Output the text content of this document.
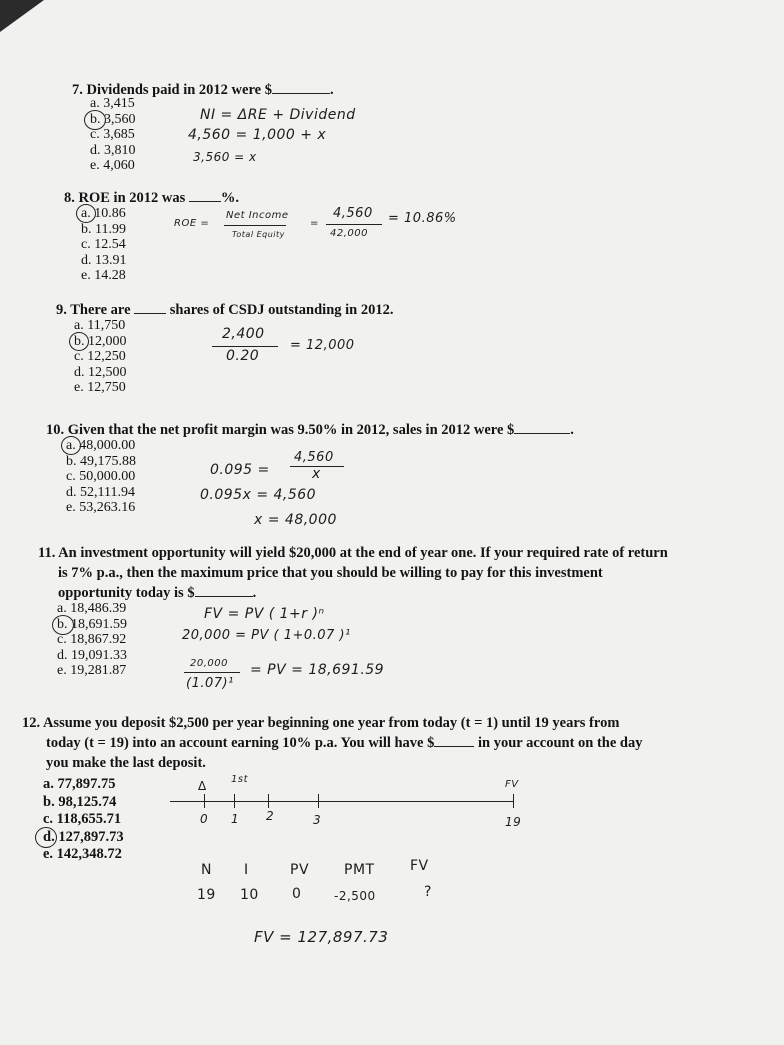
7. Dividends paid in 2012 were $	.
a. 3,415
b. 3,560
c. 3,685
d. 3,810
e. 4,060
NI = ΔRE + Dividend
4,560 = 1,000 + x
3,560 = x
8. ROE in 2012 was %.
a. 10.86
b. 11.99
c. 12.54
d. 13.91
e. 14.28
ROE =
Net Income
Total Equity
=
4,560
42,000
= 10.86%
9. There are	shares of CSDJ outstanding in 2012.
a. 11,750
b. 12,000
c. 12,250
d. 12,500
e. 12,750
2,400
0.20
= 12,000
10. Given that the net profit margin was 9.50% in 2012, sales in 2012 were $	.
a. 48,000.00
b. 49,175.88
c. 50,000.00
d. 52,111.94
e. 53,263.16
0.095 =
4,560
x
0.095x = 4,560
x = 48,000
11. An investment opportunity will yield $20,000 at the end of year one. If your required rate of return
is 7% p.a., then the maximum price that you should be willing to pay for this investment
opportunity today is $	.
a. 18,486.39
b. 18,691.59
c. 18,867.92
d. 19,091.33
e. 19,281.87
FV = PV ( 1+r )ⁿ
20,000 = PV ( 1+0.07 )¹
20,000
(1.07)¹
= PV = 18,691.59
12. Assume you deposit $2,500 per year beginning one year from today (t = 1) until 19 years from
today (t = 19) into an account earning 10% p.a. You will have $	in your account on the day
you make the last deposit.
a. 77,897.75
b. 98,125.74
c. 118,655.71
d. 127,897.73
e. 142,348.72
Δ 1st	FV
0 1 2	3	19
N I	PV PMT	FV
19 10 0	-2,500	?
FV = 127,897.73
